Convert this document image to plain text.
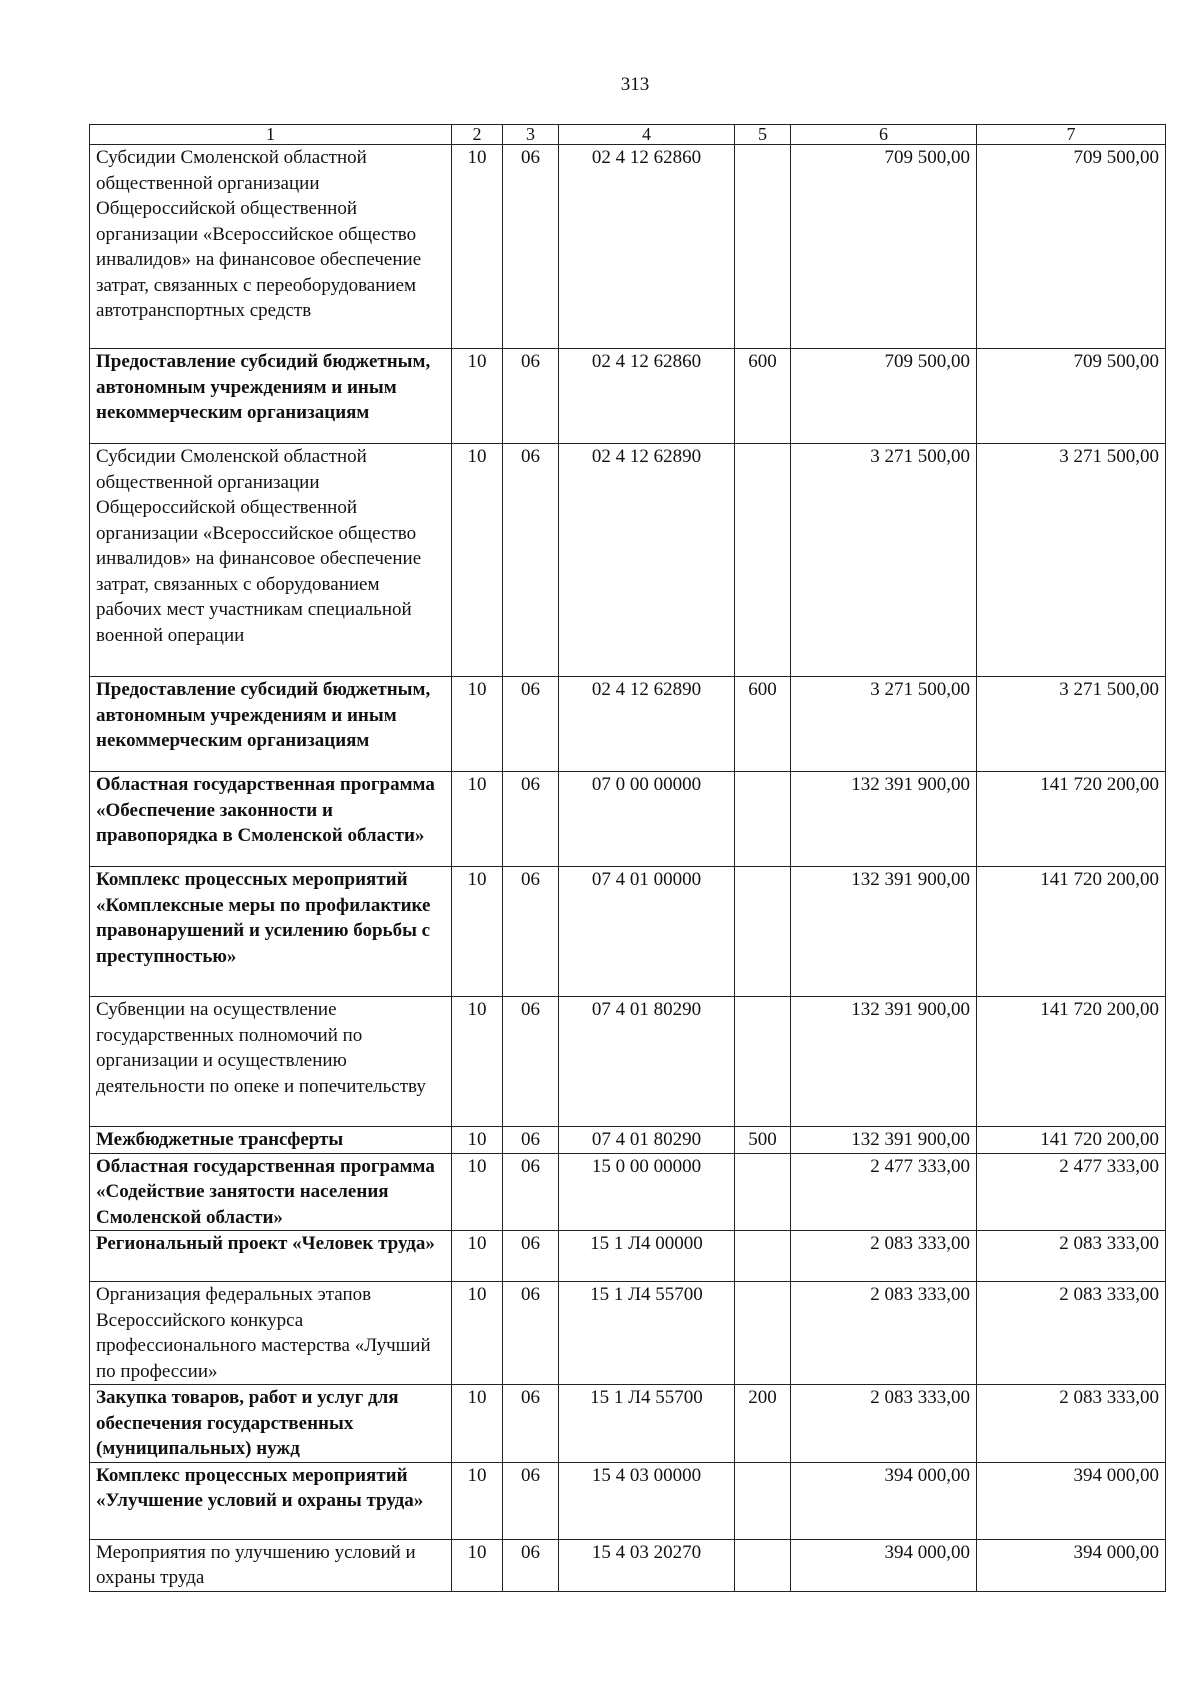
313
1	2	3	4	5	6	7
Субсидии Смоленской областной общественной организации Общероссийской общественной организации «Всероссийское общество инвалидов» на финансовое обеспечение затрат, связанных с переоборудованием автотранспортных средств	10	06	02 4 12 62860		709 500,00	709 500,00
Предоставление субсидий бюджетным, автономным учреждениям и иным некоммерческим организациям	10	06	02 4 12 62860	600	709 500,00	709 500,00
Субсидии Смоленской областной общественной организации Общероссийской общественной организации «Всероссийское общество инвалидов» на финансовое обеспечение затрат, связанных с оборудованием рабочих мест участникам специальной военной операции	10	06	02 4 12 62890		3 271 500,00	3 271 500,00
Предоставление субсидий бюджетным, автономным учреждениям и иным некоммерческим организациям	10	06	02 4 12 62890	600	3 271 500,00	3 271 500,00
Областная государственная программа «Обеспечение законности и правопорядка в Смоленской области»	10	06	07 0 00 00000		132 391 900,00	141 720 200,00
Комплекс процессных мероприятий «Комплексные меры по профилактике правонарушений и усилению борьбы с преступностью»	10	06	07 4 01 00000		132 391 900,00	141 720 200,00
Субвенции на осуществление государственных полномочий по организации и осуществлению деятельности по опеке и попечительству	10	06	07 4 01 80290		132 391 900,00	141 720 200,00
Межбюджетные трансферты	10	06	07 4 01 80290	500	132 391 900,00	141 720 200,00
Областная государственная программа «Содействие занятости населения Смоленской области»	10	06	15 0 00 00000		2 477 333,00	2 477 333,00
Региональный проект «Человек труда»	10	06	15 1 Л4 00000		2 083 333,00	2 083 333,00
Организация федеральных этапов Всероссийского конкурса профессионального мастерства «Лучший по профессии»	10	06	15 1 Л4 55700		2 083 333,00	2 083 333,00
Закупка товаров, работ и услуг для обеспечения государственных (муниципальных) нужд	10	06	15 1 Л4 55700	200	2 083 333,00	2 083 333,00
Комплекс процессных мероприятий «Улучшение условий и охраны труда»	10	06	15 4 03 00000		394 000,00	394 000,00
Мероприятия по улучшению условий и охраны труда	10	06	15 4 03 20270		394 000,00	394 000,00
